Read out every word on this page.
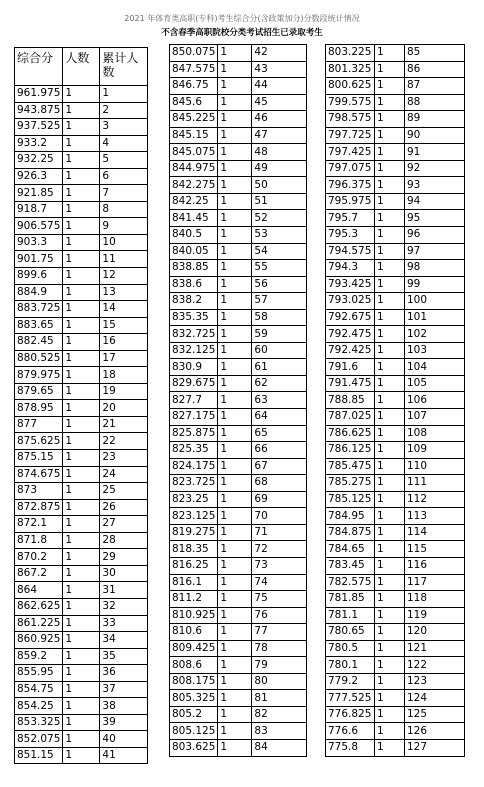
2021 年体育类高职(专科)考生综合分(含政策加分)分数段统计情况
不含春季高职院校分类考试招生已录取考生
综合分	人数	累计人数
961.975	1	1
943.875	1	2
937.525	1	3
933.2	1	4
932.25	1	5
926.3	1	6
921.85	1	7
918.7	1	8
906.575	1	9
903.3	1	10
901.75	1	11
899.6	1	12
884.9	1	13
883.725	1	14
883.65	1	15
882.45	1	16
880.525	1	17
879.975	1	18
879.65	1	19
878.95	1	20
877	1	21
875.625	1	22
875.15	1	23
874.675	1	24
873	1	25
872.875	1	26
872.1	1	27
871.8	1	28
870.2	1	29
867.2	1	30
864	1	31
862.625	1	32
861.225	1	33
860.925	1	34
859.2	1	35
855.95	1	36
854.75	1	37
854.25	1	38
853.325	1	39
852.075	1	40
851.15	1	41
850.075	1	42
847.575	1	43
846.75	1	44
845.6	1	45
845.225	1	46
845.15	1	47
845.075	1	48
844.975	1	49
842.275	1	50
842.25	1	51
841.45	1	52
840.5	1	53
840.05	1	54
838.85	1	55
838.6	1	56
838.2	1	57
835.35	1	58
832.725	1	59
832.125	1	60
830.9	1	61
829.675	1	62
827.7	1	63
827.175	1	64
825.875	1	65
825.35	1	66
824.175	1	67
823.725	1	68
823.25	1	69
823.125	1	70
819.275	1	71
818.35	1	72
816.25	1	73
816.1	1	74
811.2	1	75
810.925	1	76
810.6	1	77
809.425	1	78
808.6	1	79
808.175	1	80
805.325	1	81
805.2	1	82
805.125	1	83
803.625	1	84
803.225	1	85
801.325	1	86
800.625	1	87
799.575	1	88
798.575	1	89
797.725	1	90
797.425	1	91
797.075	1	92
796.375	1	93
795.975	1	94
795.7	1	95
795.3	1	96
794.575	1	97
794.3	1	98
793.425	1	99
793.025	1	100
792.675	1	101
792.475	1	102
792.425	1	103
791.6	1	104
791.475	1	105
788.85	1	106
787.025	1	107
786.625	1	108
786.125	1	109
785.475	1	110
785.275	1	111
785.125	1	112
784.95	1	113
784.875	1	114
784.65	1	115
783.45	1	116
782.575	1	117
781.85	1	118
781.1	1	119
780.65	1	120
780.5	1	121
780.1	1	122
779.2	1	123
777.525	1	124
776.825	1	125
776.6	1	126
775.8	1	127
